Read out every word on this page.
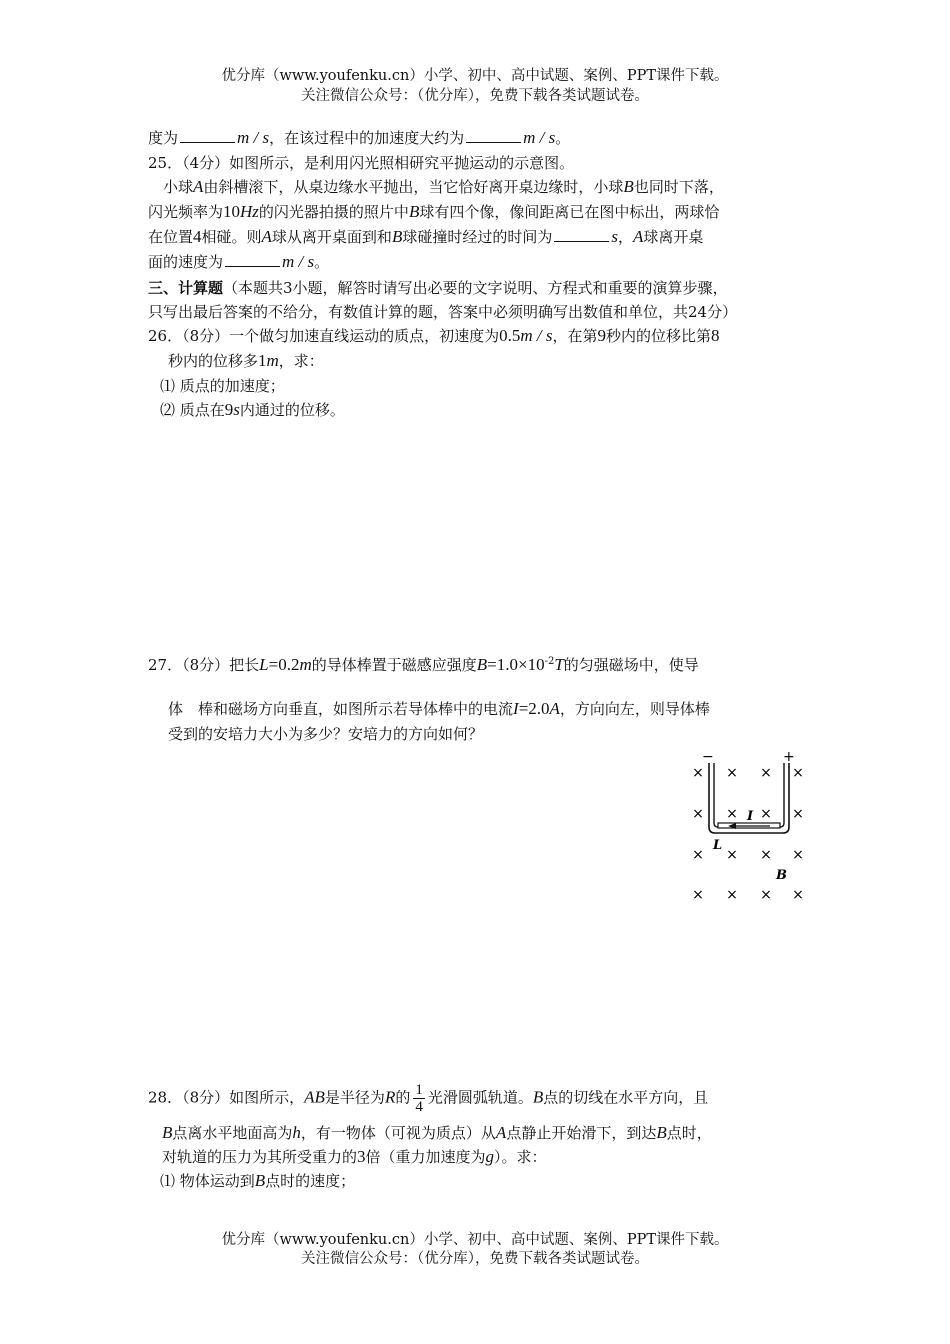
优分库（www.youfenku.cn）小学、初中、高中试题、案例、PPT课件下载。
关注微信公众号：（优分库），免费下载各类试题试卷。
度为	m / s，在该过程中的加速度大约为	m / s。
25．（4分）如图所示，是利用闪光照相研究平抛运动的示意图。
小球A由斜槽滚下，从桌边缘水平抛出，当它恰好离开桌边缘时，小球B也同时下落，
闪光频率为10Hz的闪光器拍摄的照片中B球有四个像，像间距离已在图中标出，两球恰
在位置4相碰。则A球从离开桌面到和B球碰撞时经过的时间为	s，A球离开桌
面的速度为	m / s。
三、计算题（本题共3小题，解答时请写出必要的文字说明、方程式和重要的演算步骤，
只写出最后答案的不给分，有数值计算的题，答案中必须明确写出数值和单位，共24分）
26．（8分）一个做匀加速直线运动的质点，初速度为0.5m / s，在第9秒内的位移比第8
秒内的位移多1m，求：
⑴ 质点的加速度；
⑵ 质点在9s内通过的位移。
27．（8分）把长L=0.2m的导体棒置于磁感应强度$B=1.0\times 10^{-2}T$的匀强磁场中，使导
体　棒和磁场方向垂直，如图所示若导体棒中的电流I=2.0A，方向向左，则导体棒
受到的安培力大小为多少？安培力的方向如何？
−	+
I
L
B
× × × ×
× × × ×
× × × ×
× × × ×
28．（8分）如图所示，AB是半径为R的 $\frac{1}{4}$ 光滑圆弧轨道。B点的切线在水平方向，且
B点离水平地面高为h，有一物体（可视为质点）从A点静止开始滑下，到达B点时，
对轨道的压力为其所受重力的3倍（重力加速度为g）。求：
⑴ 物体运动到B点时的速度；
优分库（www.youfenku.cn）小学、初中、高中试题、案例、PPT课件下载。
关注微信公众号：（优分库），免费下载各类试题试卷。
